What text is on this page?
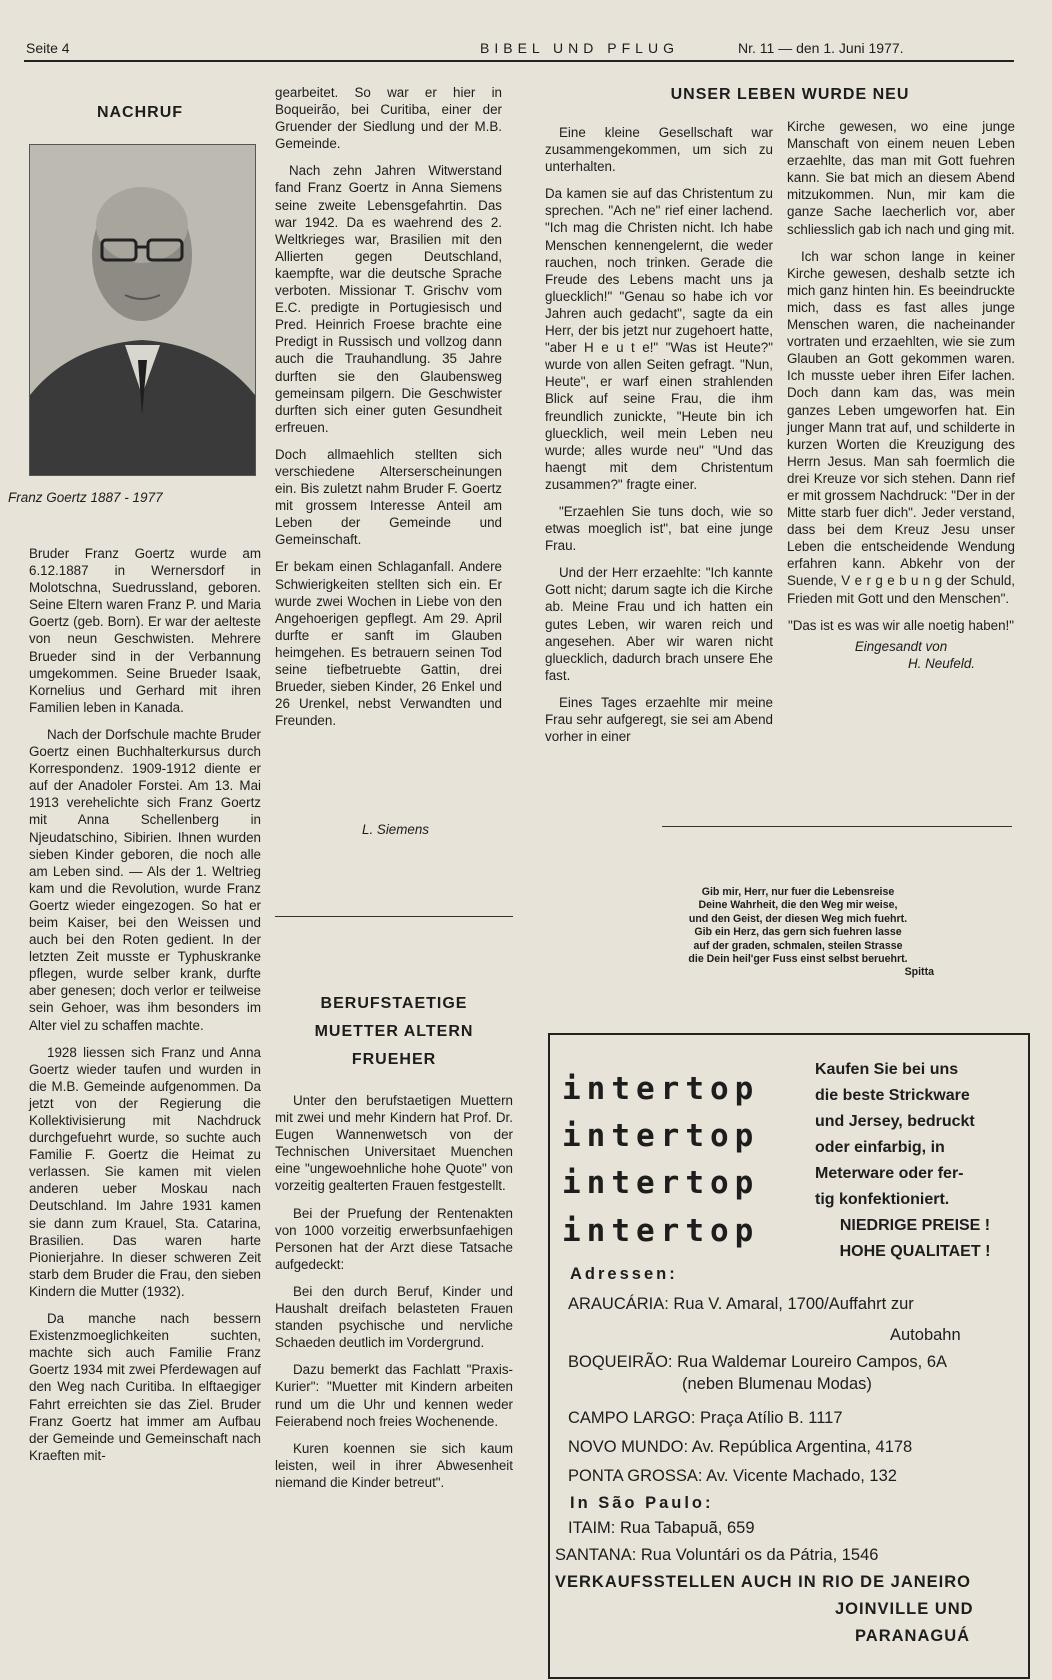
Seite 4	BIBEL UND PFLUG	Nr. 11 — den 1. Juni 1977.
NACHRUF
Franz Goertz 1887 - 1977

Bruder Franz Goertz wurde am 6.12.1887 in Wernersdorf in Molotschna, Suedrussland, geboren. Seine Eltern waren Franz P. und Maria Goertz (geb. Born). Er war der aelteste von neun Geschwisten. Mehrere Brueder sind in der Verbannung umgekommen. Seine Brueder Isaak, Kornelius und Gerhard mit ihren Familien leben in Kanada.

Nach der Dorfschule machte Bruder Goertz einen Buchhalterkursus durch Korrespondenz. 1909-1912 diente er auf der Anadoler Forstei. Am 13. Mai 1913 verehelichte sich Franz Goertz mit Anna Schellenberg in Njeudatschino, Sibirien. Ihnen wurden sieben Kinder geboren, die noch alle am Leben sind. — Als der 1. Weltrieg kam und die Revolution, wurde Franz Goertz wieder eingezogen. So hat er beim Kaiser, bei den Weissen und auch bei den Roten gedient. In der letzten Zeit musste er Typhuskranke pflegen, wurde selber krank, durfte aber genesen; doch verlor er teilweise sein Gehoer, was ihm besonders im Alter viel zu schaffen machte.

1928 liessen sich Franz und Anna Goertz wieder taufen und wurden in die M.B. Gemeinde aufgenommen. Da jetzt von der Regierung die Kollektivisierung mit Nachdruck durchgefuehrt wurde, so suchte auch Familie F. Goertz die Heimat zu verlassen. Sie kamen mit vielen anderen ueber Moskau nach Deutschland. Im Jahre 1931 kamen sie dann zum Krauel, Sta. Catarina, Brasilien. Das waren harte Pionierjahre. In dieser schweren Zeit starb dem Bruder die Frau, den sieben Kindern die Mutter (1932).

Da manche nach bessern Existenzmoeglichkeiten suchten, machte sich auch Familie Franz Goertz 1934 mit zwei Pferdewagen auf den Weg nach Curitiba. In elftaegiger Fahrt erreichten sie das Ziel. Bruder Franz Goertz hat immer am Aufbau der Gemeinde und Gemeinschaft nach Kraeften mit-

gearbeitet. So war er hier in Boqueirão, bei Curitiba, einer der Gruender der Siedlung und der M.B. Gemeinde.

Nach zehn Jahren Witwerstand fand Franz Goertz in Anna Siemens seine zweite Lebensgefahrtin. Das war 1942. Da es waehrend des 2. Weltkrieges war, Brasilien mit den Allierten gegen Deutschland, kaempfte, war die deutsche Sprache verboten. Missionar T. Grischv vom E.C. predigte in Portugiesisch und Pred. Heinrich Froese brachte eine Predigt in Russisch und vollzog dann auch die Trauhandlung. 35 Jahre durften sie den Glaubensweg gemeinsam pilgern. Die Geschwister durften sich einer guten Gesundheit erfreuen.

Doch allmaehlich stellten sich verschiedene Alterserscheinungen ein. Bis zuletzt nahm Bruder F. Goertz mit grossem Interesse Anteil am Leben der Gemeinde und Gemeinschaft.

Er bekam einen Schlaganfall. Andere Schwierigkeiten stellten sich ein. Er wurde zwei Wochen in Liebe von den Angehoerigen gepflegt. Am 29. April durfte er sanft im Glauben heimgehen. Es betrauern seinen Tod seine tiefbetruebte Gattin, drei Brueder, sieben Kinder, 26 Enkel und 26 Urenkel, nebst Verwandten und Freunden.

L. Siemens
BERUFSTAETIGE
MUETTER ALTERN
FRUEHER

Unter den berufstaetigen Muettern mit zwei und mehr Kindern hat Prof. Dr. Eugen Wannenwetsch von der Technischen Universitaet Muenchen eine "ungewoehnliche hohe Quote" von vorzeitig gealterten Frauen festgestellt.

Bei der Pruefung der Rentenakten von 1000 vorzeitig erwerbsunfaehigen Personen hat der Arzt diese Tatsache aufgedeckt:

Bei den durch Beruf, Kinder und Haushalt dreifach belasteten Frauen standen psychische und nervliche Schaeden deutlich im Vordergrund.

Dazu bemerkt das Fachlatt "Praxis-Kurier": "Muetter mit Kindern arbeiten rund um die Uhr und kennen weder Feierabend noch freies Wochenende.

Kuren koennen sie sich kaum leisten, weil in ihrer Abwesenheit niemand die Kinder betreut".

UNSER LEBEN WURDE NEU

Eine kleine Gesellschaft war zusammengekommen, um sich zu unterhalten.

Da kamen sie auf das Christentum zu sprechen. "Ach ne" rief einer lachend. "Ich mag die Christen nicht. Ich habe Menschen kennengelernt, die weder rauchen, noch trinken. Gerade die Freude des Lebens macht uns ja gluecklich!" "Genau so habe ich vor Jahren auch gedacht", sagte da ein Herr, der bis jetzt nur zugehoert hatte, "aber H e u t e!" "Was ist Heute?" wurde von allen Seiten gefragt. "Nun, Heute", er warf einen strahlenden Blick auf seine Frau, die ihm freundlich zunickte, "Heute bin ich gluecklich, weil mein Leben neu wurde; alles wurde neu" "Und das haengt mit dem Christentum zusammen?" fragte einer.

"Erzaehlen Sie tuns doch, wie so etwas moeglich ist", bat eine junge Frau.

Und der Herr erzaehlte: "Ich kannte Gott nicht; darum sagte ich die Kirche ab. Meine Frau und ich hatten ein gutes Leben, wir waren reich und angesehen. Aber wir waren nicht gluecklich, dadurch brach unsere Ehe fast.

Eines Tages erzaehlte mir meine Frau sehr aufgeregt, sie sei am Abend vorher in einer

Kirche gewesen, wo eine junge Manschaft von einem neuen Leben erzaehlte, das man mit Gott fuehren kann. Sie bat mich an diesem Abend mitzukommen. Nun, mir kam die ganze Sache laecherlich vor, aber schliesslich gab ich nach und ging mit.

Ich war schon lange in keiner Kirche gewesen, deshalb setzte ich mich ganz hinten hin. Es beeindruckte mich, dass es fast alles junge Menschen waren, die nacheinander vortraten und erzaehlten, wie sie zum Glauben an Gott gekommen waren. Ich musste ueber ihren Eifer lachen. Doch dann kam das, was mein ganzes Leben umgeworfen hat. Ein junger Mann trat auf, und schilderte in kurzen Worten die Kreuzigung des Herrn Jesus. Man sah foermlich die drei Kreuze vor sich stehen. Dann rief er mit grossem Nachdruck: "Der in der Mitte starb fuer dich". Jeder verstand, dass bei dem Kreuz Jesu unser Leben die entscheidende Wendung erfahren kann. Abkehr von der Suende, V e r g e b u n g der Schuld, Frieden mit Gott und den Menschen".

"Das ist es was wir alle noetig haben!"

Eingesandt von
H. Neufeld.
Gib mir, Herr, nur fuer die Lebensreise
Deine Wahrheit, die den Weg mir weise,
und den Geist, der diesen Weg mich fuehrt.
Gib ein Herz, das gern sich fuehren lasse
auf der graden, schmalen, steilen Strasse
die Dein heil'ger Fuss einst selbst beruehrt.
Spitta
intertop
intertop
intertop
intertop
Kaufen Sie bei uns
die beste Strickware
und Jersey, bedruckt
oder einfarbig, in
Meterware oder fer-
tig konfektioniert.
NIEDRIGE PREISE !
HOHE QUALITAET !
Adressen:
ARAUCÁRIA: Rua V. Amaral, 1700/Auffahrt zur
Autobahn
BOQUEIRÃO: Rua Waldemar Loureiro Campos, 6A
(neben Blumenau Modas)
CAMPO LARGO: Praça Atílio B. 1117
NOVO MUNDO: Av. República Argentina, 4178
PONTA GROSSA: Av. Vicente Machado, 132
In São Paulo:
ITAIM: Rua Tabapuã, 659
SANTANA: Rua Voluntári os da Pátria, 1546
VERKAUFSSTELLEN AUCH IN RIO DE JANEIRO
JOINVILLE UND
PARANAGUÁ
